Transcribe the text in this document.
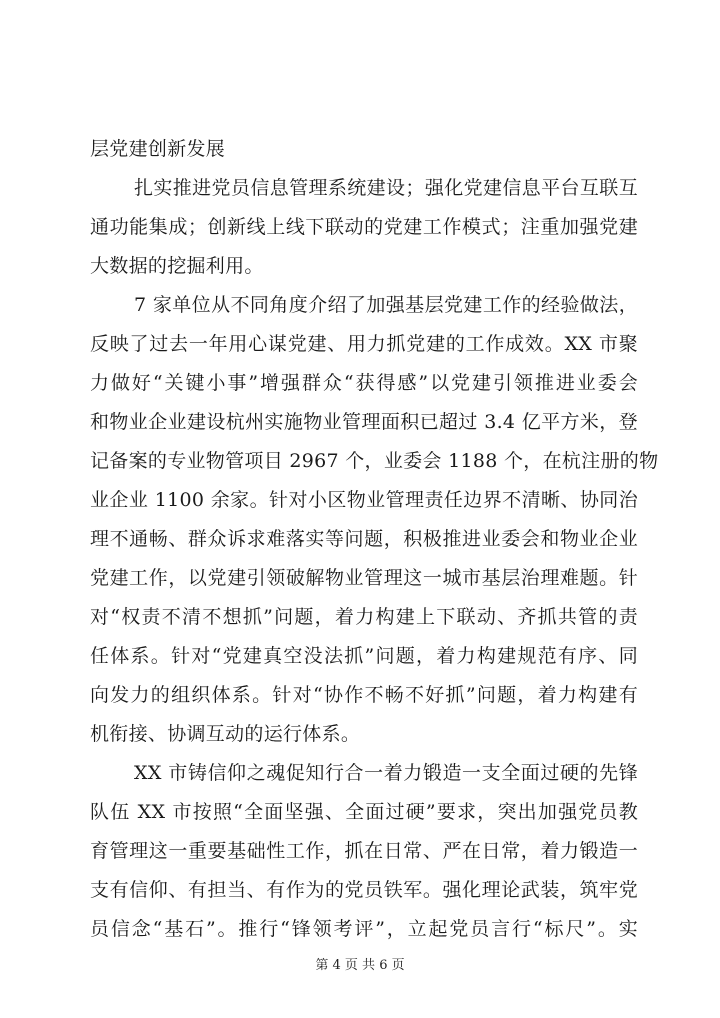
层党建创新发展
扎实推进党员信息管理系统建设；强化党建信息平台互联互
通功能集成；创新线上线下联动的党建工作模式；注重加强党建
大数据的挖掘利用。
7 家单位从不同角度介绍了加强基层党建工作的经验做法，
反映了过去一年用心谋党建、用力抓党建的工作成效。XX 市聚
力做好“关键小事”增强群众“获得感”以党建引领推进业委会
和物业企业建设杭州实施物业管理面积已超过 3.4 亿平方米，登
记备案的专业物管项目 2967 个，业委会 1188 个，在杭注册的物
业企业 1100 余家。针对小区物业管理责任边界不清晰、协同治
理不通畅、群众诉求难落实等问题，积极推进业委会和物业企业
党建工作，以党建引领破解物业管理这一城市基层治理难题。针
对“权责不清不想抓”问题，着力构建上下联动、齐抓共管的责
任体系。针对“党建真空没法抓”问题，着力构建规范有序、同
向发力的组织体系。针对“协作不畅不好抓”问题，着力构建有
机衔接、协调互动的运行体系。
XX 市铸信仰之魂促知行合一着力锻造一支全面过硬的先锋
队伍 XX 市按照“全面坚强、全面过硬”要求，突出加强党员教
育管理这一重要基础性工作，抓在日常、严在日常，着力锻造一
支有信仰、有担当、有作为的党员铁军。强化理论武装，筑牢党
员信念“基石”。推行“锋领考评”，立起党员言行“标尺”。实
第 4 页 共 6 页
